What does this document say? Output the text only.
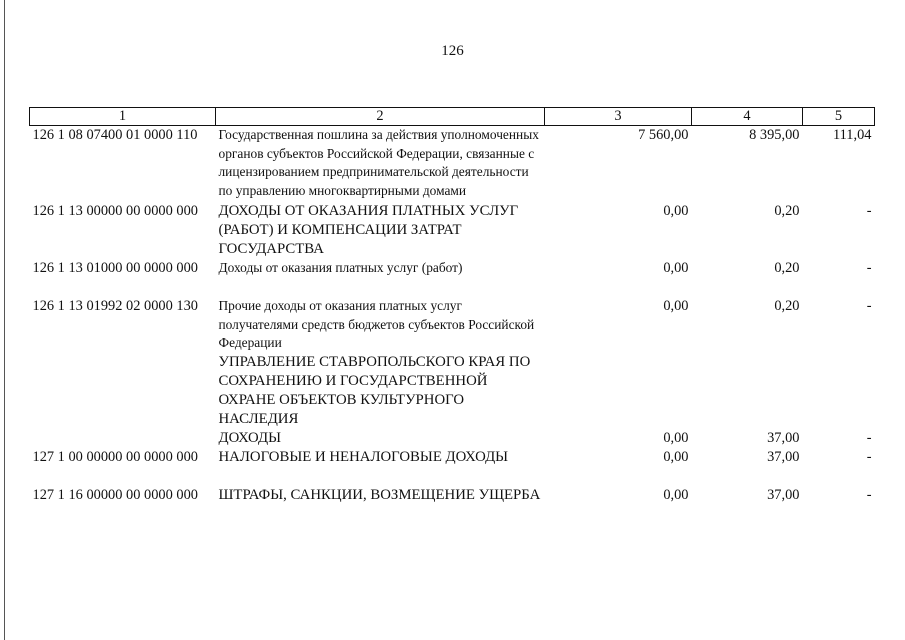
126
1	2	3	4	5
126 1 08 07400 01 0000 110	Государственная пошлина за действия уполномоченных органов субъектов Российской Федерации, связанные с лицензированием предпринимательской деятельности по управлению многоквартирными домами	7 560,00	8 395,00	111,04

126 1 13 00000 00 0000 000	ДОХОДЫ ОТ ОКАЗАНИЯ ПЛАТНЫХ УСЛУГ (РАБОТ) И КОМПЕНСАЦИИ ЗАТРАТ ГОСУДАРСТВА	0,00	0,20	-
126 1 13 01000 00 0000 000	Доходы от оказания платных услуг (работ)	0,00	0,20	-

126 1 13 01992 02 0000 130	Прочие доходы от оказания платных услуг получателями средств бюджетов субъектов Российской Федерации	0,00	0,20	-
	УПРАВЛЕНИЕ СТАВРОПОЛЬСКОГО КРАЯ ПО СОХРАНЕНИЮ И ГОСУДАРСТВЕННОЙ ОХРАНЕ ОБЪЕКТОВ КУЛЬТУРНОГО НАСЛЕДИЯ			
	ДОХОДЫ	0,00	37,00	-
127 1 00 00000 00 0000 000	НАЛОГОВЫЕ И НЕНАЛОГОВЫЕ ДОХОДЫ	0,00	37,00	-

127 1 16 00000 00 0000 000	ШТРАФЫ, САНКЦИИ, ВОЗМЕЩЕНИЕ УЩЕРБА	0,00	37,00	-
